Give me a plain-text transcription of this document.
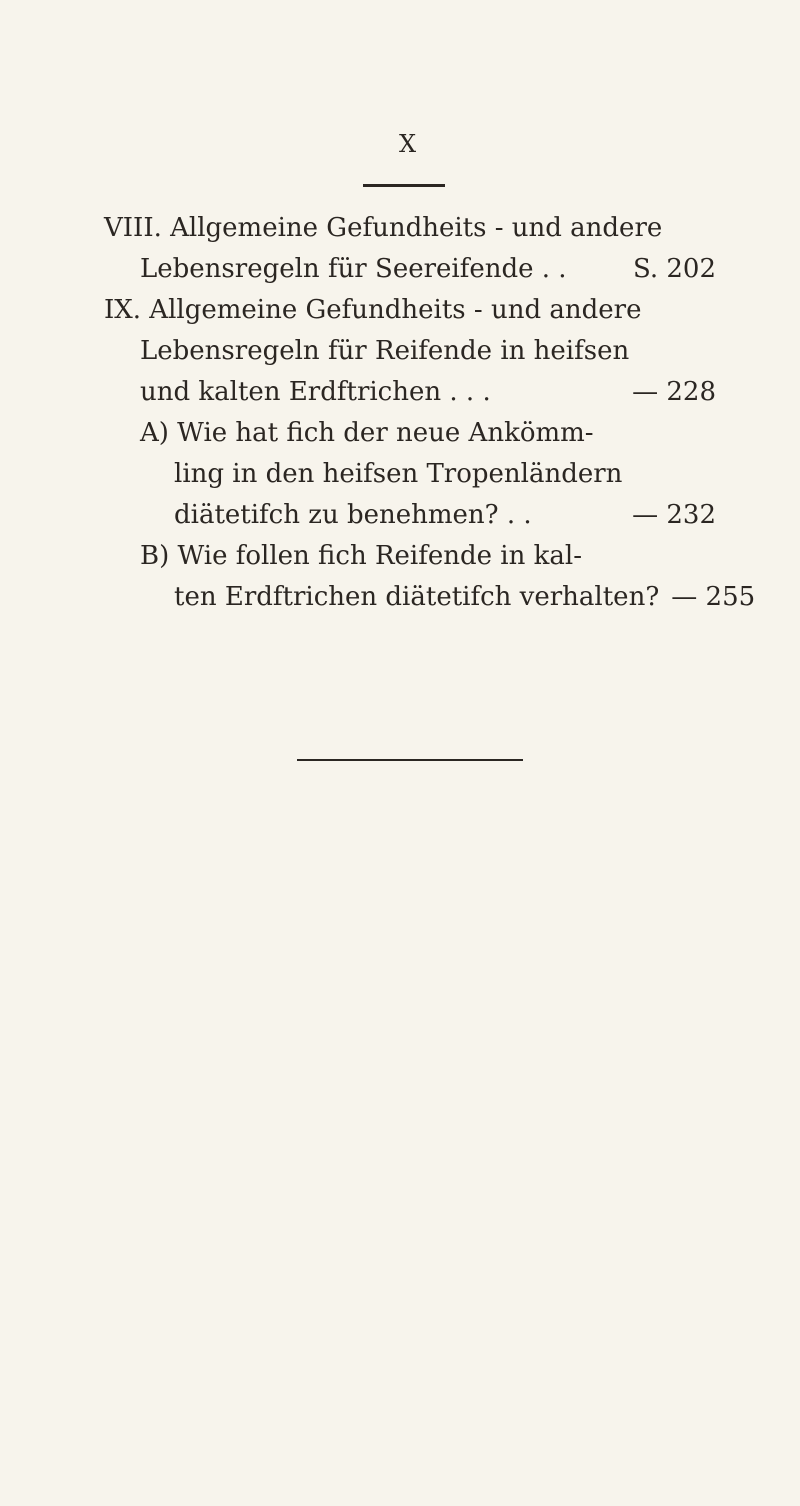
X
VIII. Allgemeine Gefundheits - und andere
Lebensregeln für Seereifende . .	S. 202
IX. Allgemeine Gefundheits - und andere
Lebensregeln für Reifende in heifsen
und kalten Erdftrichen . . .	— 228
A) Wie hat fich der neue Ankömm-
ling in den heifsen Tropenländern
diätetifch zu benehmen? . .	— 232
B) Wie follen fich Reifende in kal-
ten Erdftrichen diätetifch verhalten? — 255
